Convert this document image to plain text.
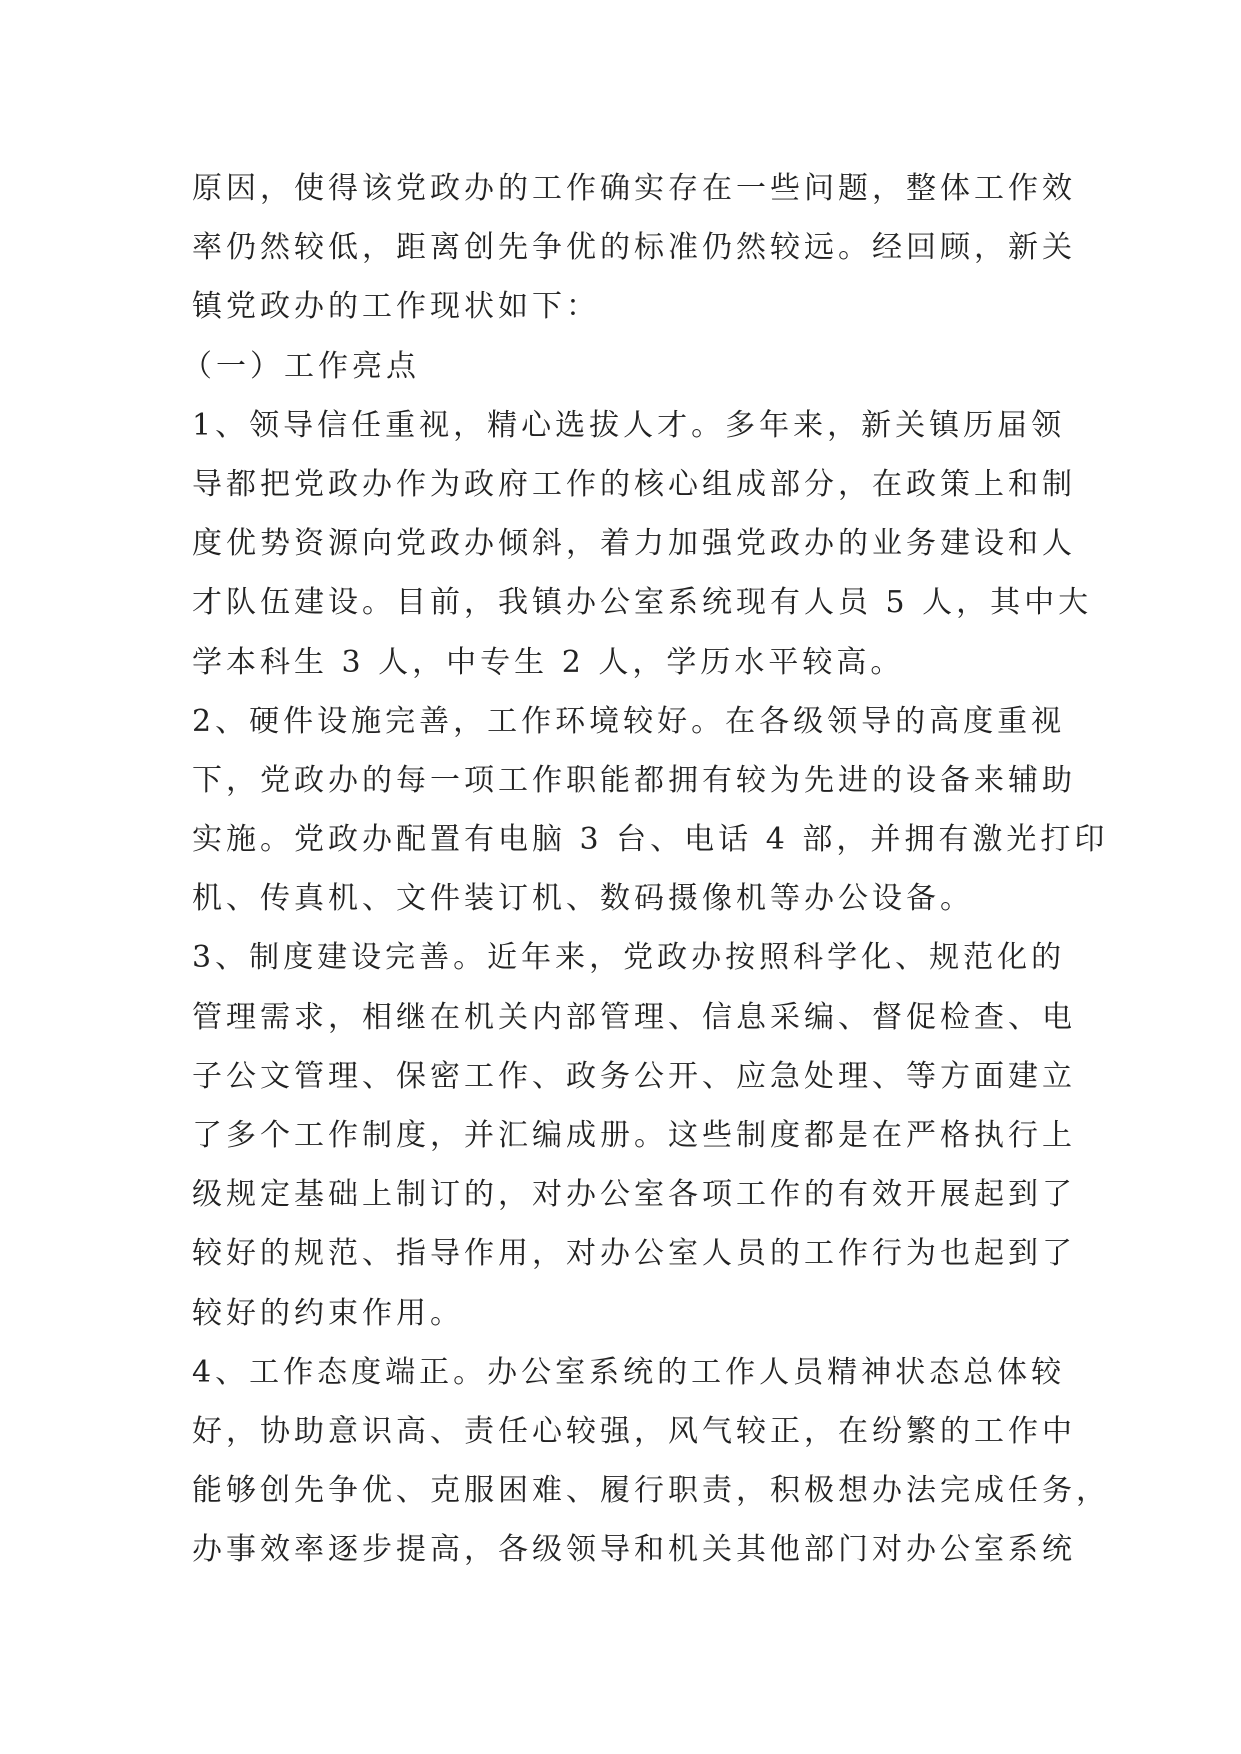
原因，使得该党政办的工作确实存在一些问题，整体工作效

率仍然较低，距离创先争优的标准仍然较远。经回顾，新关

镇党政办的工作现状如下：

（一）工作亮点

1、领导信任重视，精心选拔人才。多年来，新关镇历届领

导都把党政办作为政府工作的核心组成部分，在政策上和制

度优势资源向党政办倾斜，着力加强党政办的业务建设和人

才队伍建设。目前，我镇办公室系统现有人员 5 人，其中大

学本科生 3 人，中专生 2 人，学历水平较高。

2、硬件设施完善，工作环境较好。在各级领导的高度重视

下，党政办的每一项工作职能都拥有较为先进的设备来辅助

实施。党政办配置有电脑 3 台、电话 4 部，并拥有激光打印

机、传真机、文件装订机、数码摄像机等办公设备。

3、制度建设完善。近年来，党政办按照科学化、规范化的

管理需求，相继在机关内部管理、信息采编、督促检查、电

子公文管理、保密工作、政务公开、应急处理、等方面建立

了多个工作制度，并汇编成册。这些制度都是在严格执行上

级规定基础上制订的，对办公室各项工作的有效开展起到了

较好的规范、指导作用，对办公室人员的工作行为也起到了

较好的约束作用。

4、工作态度端正。办公室系统的工作人员精神状态总体较

好，协助意识高、责任心较强，风气较正，在纷繁的工作中

能够创先争优、克服困难、履行职责，积极想办法完成任务，

办事效率逐步提高，各级领导和机关其他部门对办公室系统
